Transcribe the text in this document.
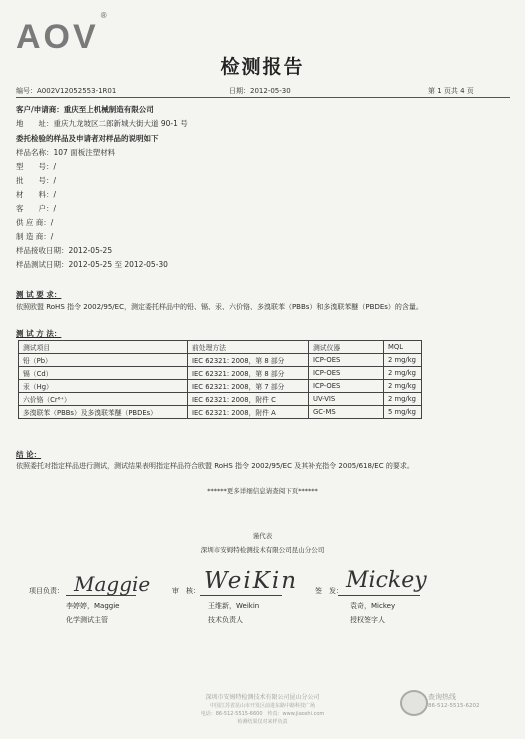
AOV®
检测报告
编号：A002V12052553-1R01	日期：2012-05-30	第 1 页共 4 页
客户/申请商：重庆至上机械制造有限公司
地　　址：重庆九龙坡区二郎新城大街大道 90-1 号
委托检验的样品及申请者对样品的说明如下
样品名称：107 面板注塑材料
型　　号：/
批　　号：/
材　　料：/
客　　户：/
供 应 商：/
制 造 商：/
样品接收日期：2012-05-25
样品测试日期：2012-05-25 至 2012-05-30
测 试 要 求：
依照欧盟 RoHS 指令 2002/95/EC，测定委托样品中的铅、镉、汞、六价铬、多溴联苯（PBBs）和多溴联苯醚（PBDEs）的含量。
测 试 方 法：
测试项目	前处理方法	测试仪器	MQL
铅（Pb）	IEC 62321: 2008，第 8 部分	ICP-OES	2 mg/kg
镉（Cd）	IEC 62321: 2008，第 8 部分	ICP-OES	2 mg/kg
汞（Hg）	IEC 62321: 2008，第 7 部分	ICP-OES	2 mg/kg
六价铬（Cr⁶⁺）	IEC 62321: 2008，附件 C	UV-VIS	2 mg/kg
多溴联苯（PBBs）及多溴联苯醚（PBDEs）	IEC 62321: 2008，附件 A	GC-MS	5 mg/kg
结 论：
依照委托对指定样品进行测试，测试结果表明指定样品符合欧盟 RoHS 指令 2002/95/EC 及其补充指令 2005/618/EC 的要求。
******更多详细信息请查阅下页******
谨代表
深圳市安姆特检测技术有限公司昆山分公司
项目负责： Maggie
李婷婷，Maggie
化学测试主管
审　核： WeiKin
王维新，Weikin
技术负责人
签　发： Mickey
袁奇，Mickey
授权签字人
深圳市安姆特检测技术有限公司昆山分公司
中国江苏省昆山市开发区前进东路中路科技广场
电话：86-512-5515-6600　传真：www.jiaoshi.com
检测结果仅对来样负责
查询热线
86-512-5515-6202
